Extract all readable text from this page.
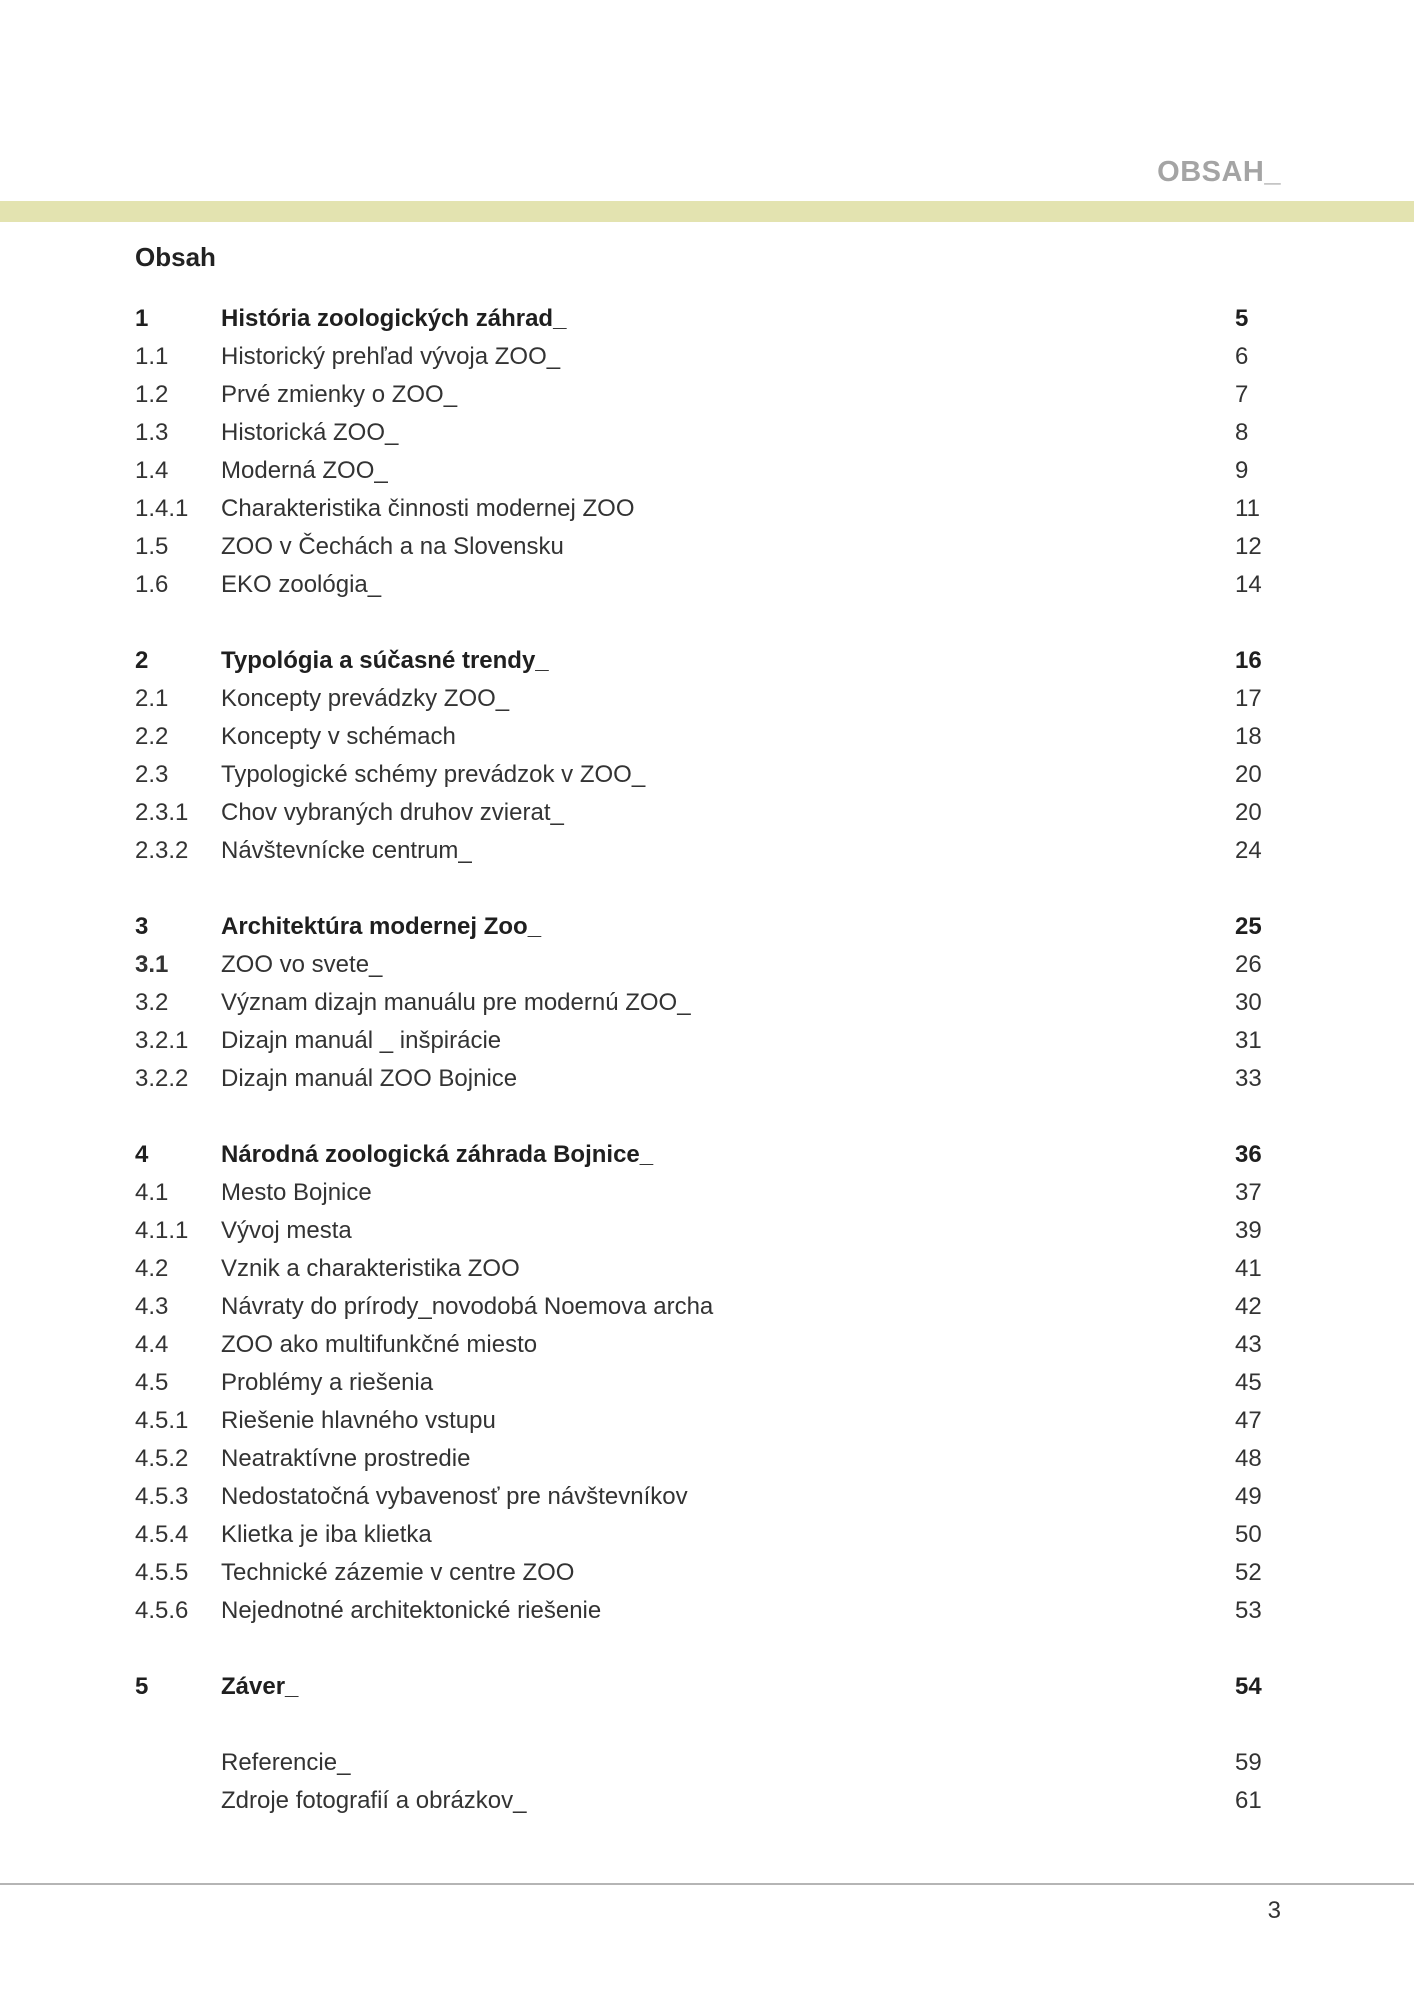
OBSAH_
Obsah
1	História zoologických záhrad_	5
1.1 Historický prehľad vývoja ZOO_	6
1.2 Prvé zmienky o ZOO_	7
1.3 Historická ZOO_	8
1.4 Moderná ZOO_	9
1.4.1 Charakteristika činnosti modernej ZOO	11
1.5 ZOO v Čechách a na Slovensku	12
1.6 EKO zoológia_	14
2	Typológia a súčasné trendy_	16
2.1 Koncepty prevádzky ZOO_	17
2.2 Koncepty v schémach	18
2.3 Typologické schémy prevádzok v ZOO_	20
2.3.1 Chov vybraných druhov zvierat_	20
2.3.2 Návštevnícke centrum_	24
3	Architektúra modernej Zoo_	25
3.1 ZOO vo svete_	26
3.2 Význam dizajn manuálu pre modernú ZOO_	30
3.2.1 Dizajn manuál _ inšpirácie	31
3.2.2 Dizajn manuál ZOO Bojnice	33
4	Národná zoologická záhrada Bojnice_	36
4.1 Mesto Bojnice	37
4.1.1 Vývoj mesta	39
4.2 Vznik a charakteristika ZOO	41
4.3 Návraty do prírody_novodobá Noemova archa	42
4.4 ZOO ako multifunkčné miesto	43
4.5 Problémy a riešenia	45
4.5.1 Riešenie hlavného vstupu	47
4.5.2 Neatraktívne prostredie	48
4.5.3 Nedostatočná vybavenosť pre návštevníkov	49
4.5.4 Klietka je iba klietka	50
4.5.5 Technické zázemie v centre ZOO	52
4.5.6 Nejednotné architektonické riešenie	53
5	Záver_	54
Referencie_	59
Zdroje fotografií a obrázkov_	61
3
